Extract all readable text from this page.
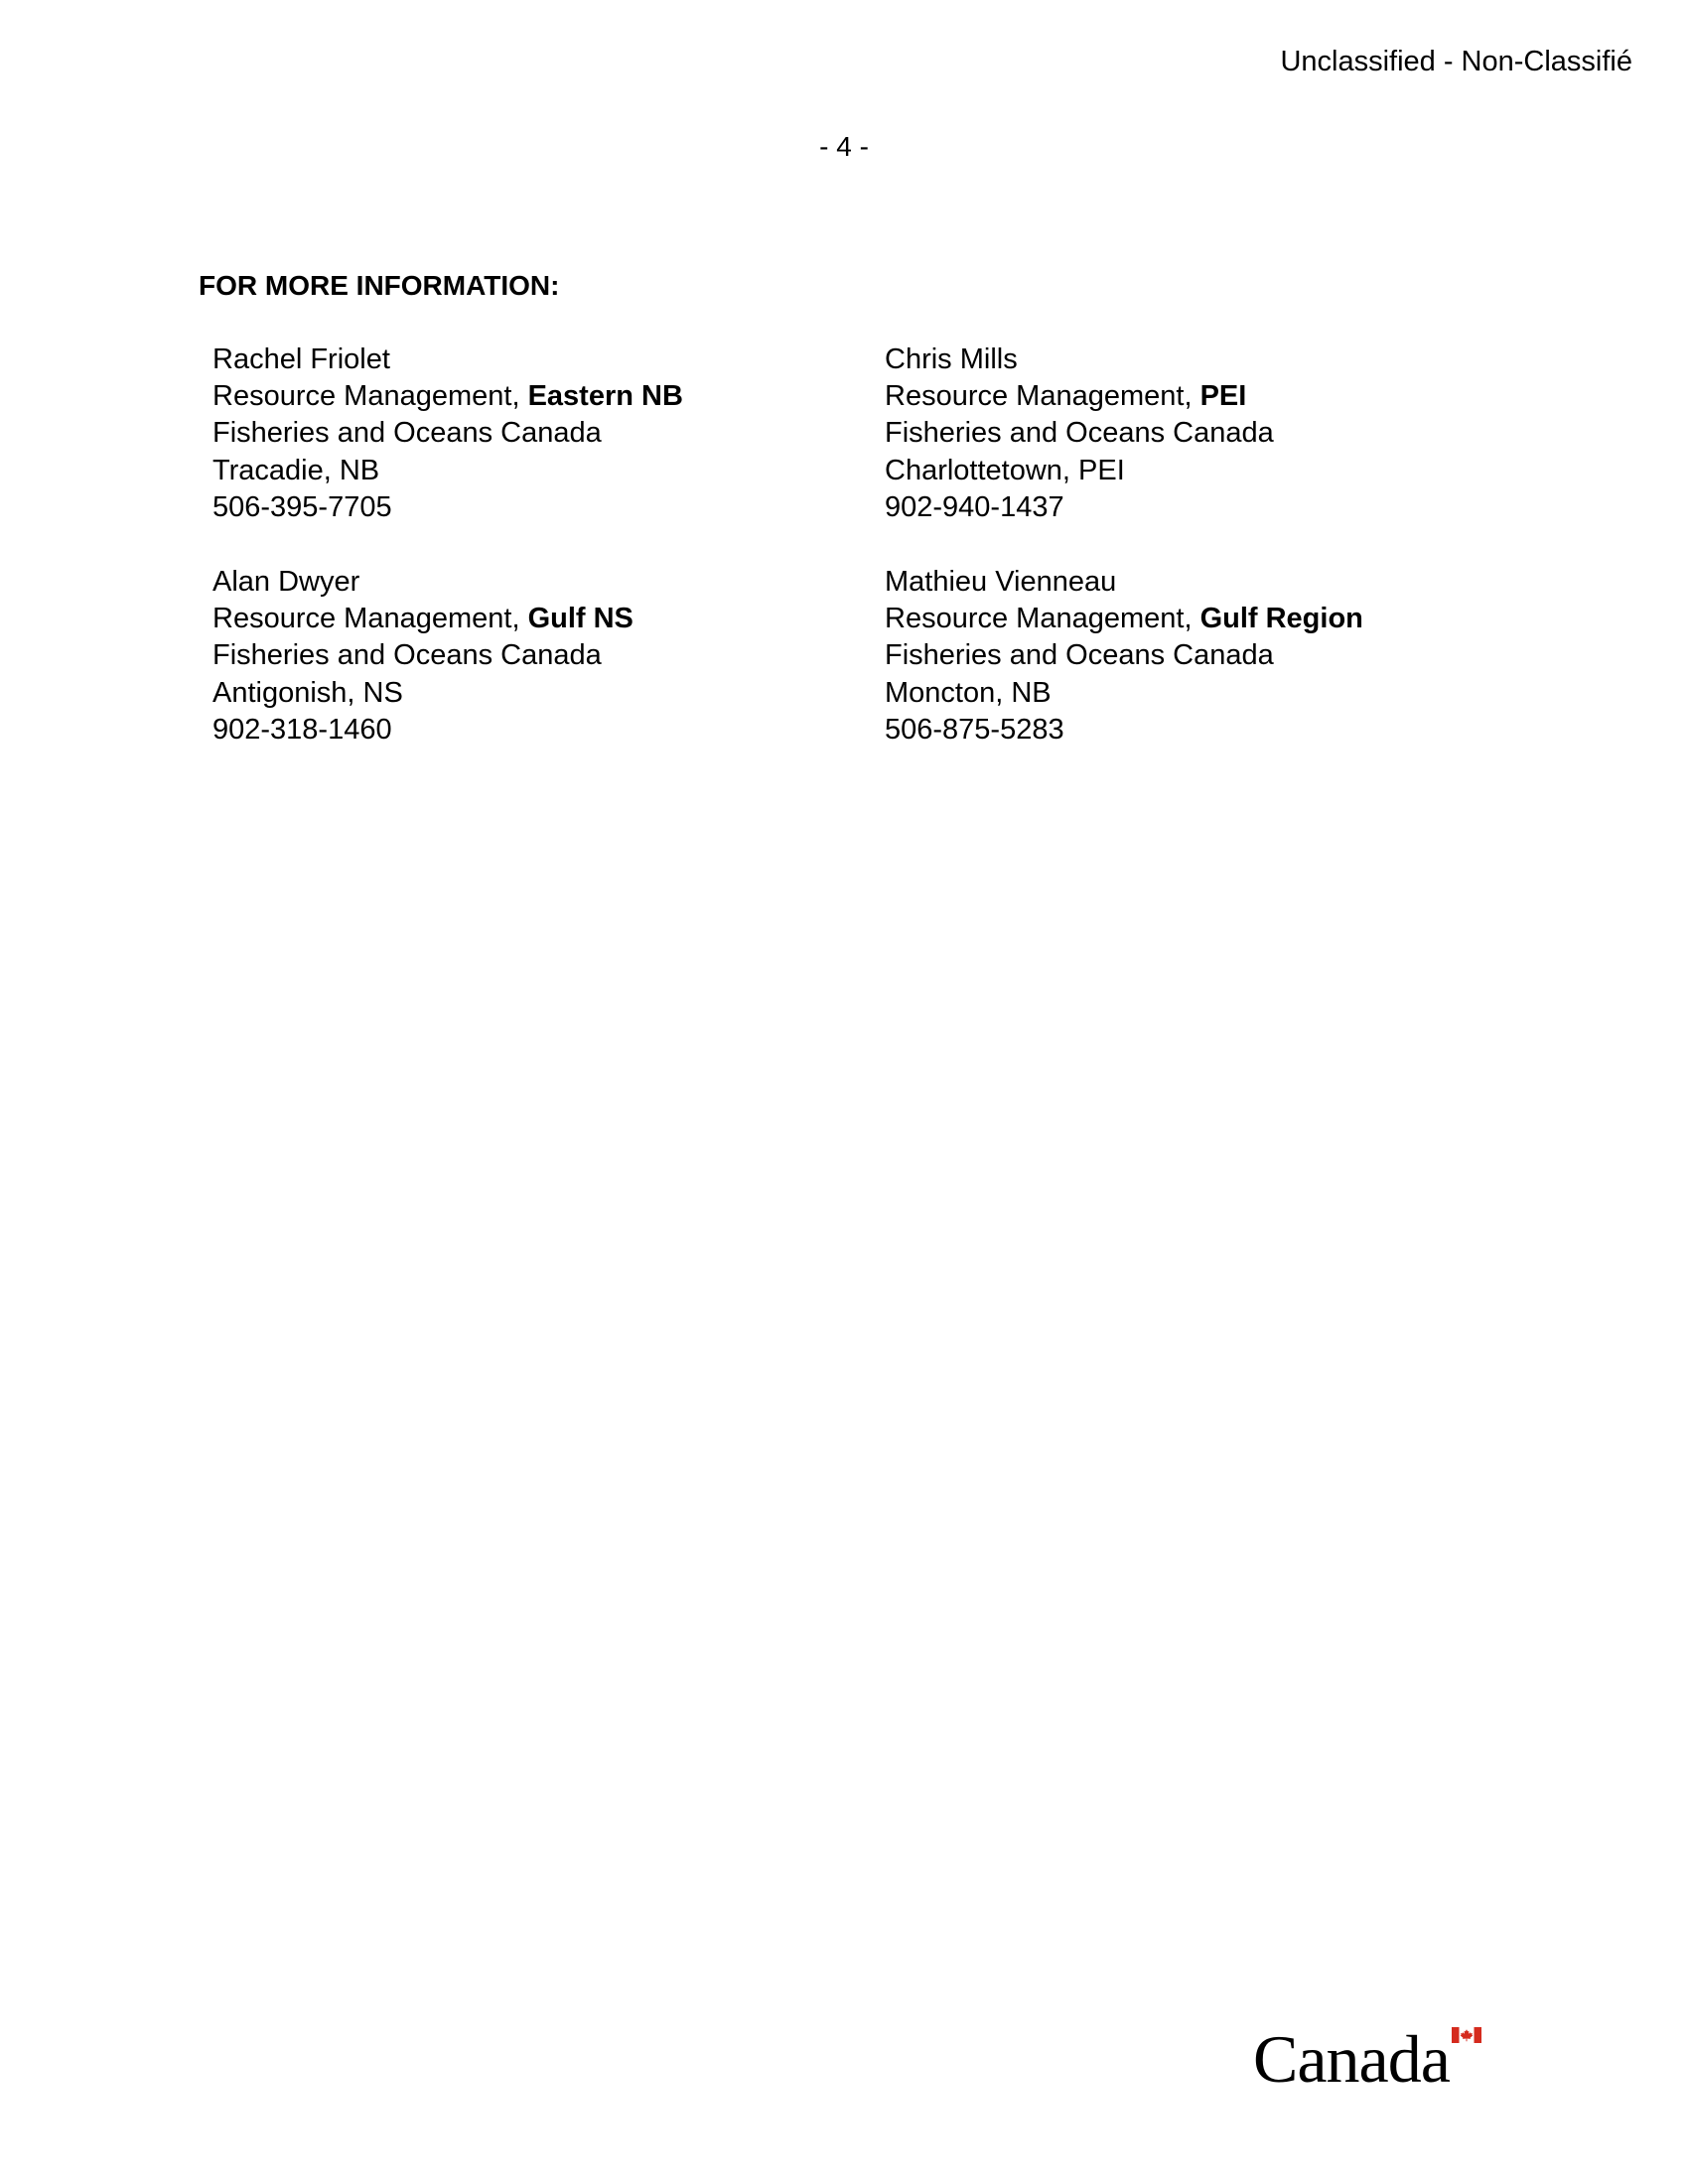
Unclassified - Non-Classifié
- 4 -
FOR MORE INFORMATION:
Rachel Friolet
Resource Management, Eastern NB
Fisheries and Oceans Canada
Tracadie, NB
506-395-7705
Chris Mills
Resource Management, PEI
Fisheries and Oceans Canada
Charlottetown, PEI
902-940-1437
Alan Dwyer
Resource Management, Gulf NS
Fisheries and Oceans Canada
Antigonish, NS
902-318-1460
Mathieu Vienneau
Resource Management, Gulf Region
Fisheries and Oceans Canada
Moncton, NB
506-875-5283
Canada
